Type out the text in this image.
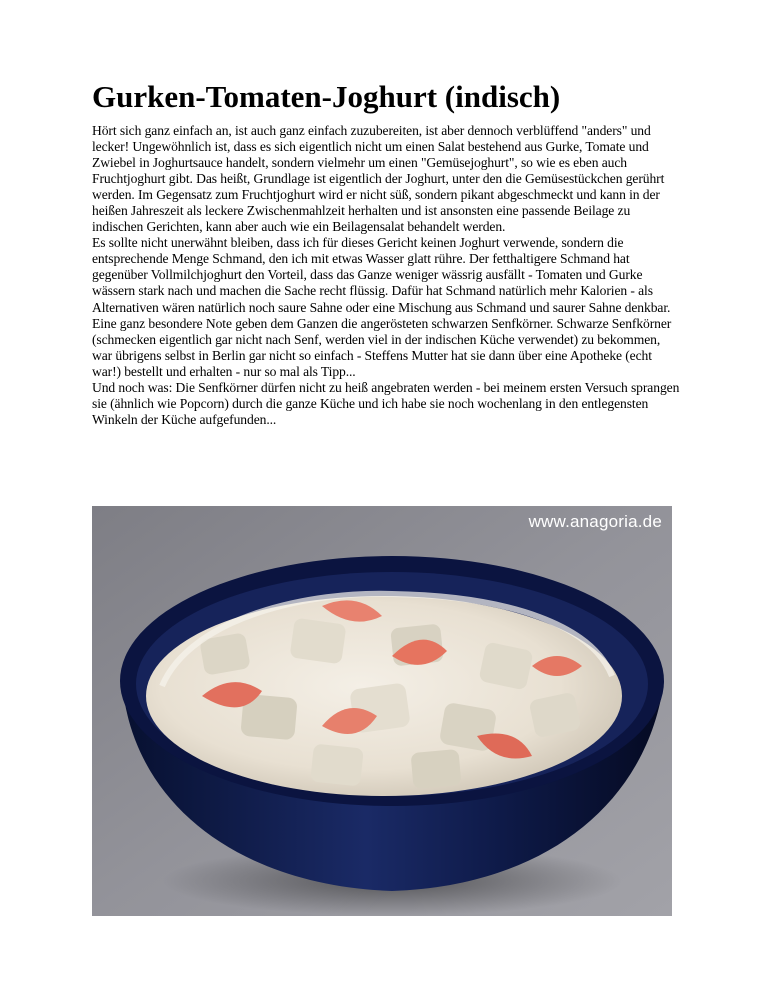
Gurken-Tomaten-Joghurt (indisch)

Hört sich ganz einfach an, ist auch ganz einfach zuzubereiten, ist aber dennoch verblüffend "anders" und lecker! Ungewöhnlich ist, dass es sich eigentlich nicht um einen Salat bestehend aus Gurke, Tomate und Zwiebel in Joghurtsauce handelt, sondern vielmehr um einen "Gemüsejoghurt", so wie es eben auch Fruchtjoghurt gibt. Das heißt, Grundlage ist eigentlich der Joghurt, unter den die Gemüsestückchen gerührt werden. Im Gegensatz zum Fruchtjoghurt wird er nicht süß, sondern pikant abgeschmeckt und kann in der heißen Jahreszeit als leckere Zwischenmahlzeit herhalten und ist ansonsten eine passende Beilage zu indischen Gerichten, kann aber auch wie ein Beilagensalat behandelt werden.

Es sollte nicht unerwähnt bleiben, dass ich für dieses Gericht keinen Joghurt verwende, sondern die entsprechende Menge Schmand, den ich mit etwas Wasser glatt rühre. Der fetthaltigere Schmand hat gegenüber Vollmilchjoghurt den Vorteil, dass das Ganze weniger wässrig ausfällt - Tomaten und Gurke wässern stark nach und machen die Sache recht flüssig. Dafür hat Schmand natürlich mehr Kalorien - als Alternativen wären natürlich noch saure Sahne oder eine Mischung aus Schmand und saurer Sahne denkbar.

Eine ganz besondere Note geben dem Ganzen die angerösteten schwarzen Senfkörner. Schwarze Senfkörner (schmecken eigentlich gar nicht nach Senf, werden viel in der indischen Küche verwendet) zu bekommen, war übrigens selbst in Berlin gar nicht so einfach - Steffens Mutter hat sie dann über eine Apotheke (echt war!) bestellt und erhalten - nur so mal als Tipp...

Und noch was: Die Senfkörner dürfen nicht zu heiß angebraten werden - bei meinem ersten Versuch sprangen sie (ähnlich wie Popcorn) durch die ganze Küche und ich habe sie noch wochenlang in den entlegensten Winkeln der Küche aufgefunden...

www.anagoria.de
